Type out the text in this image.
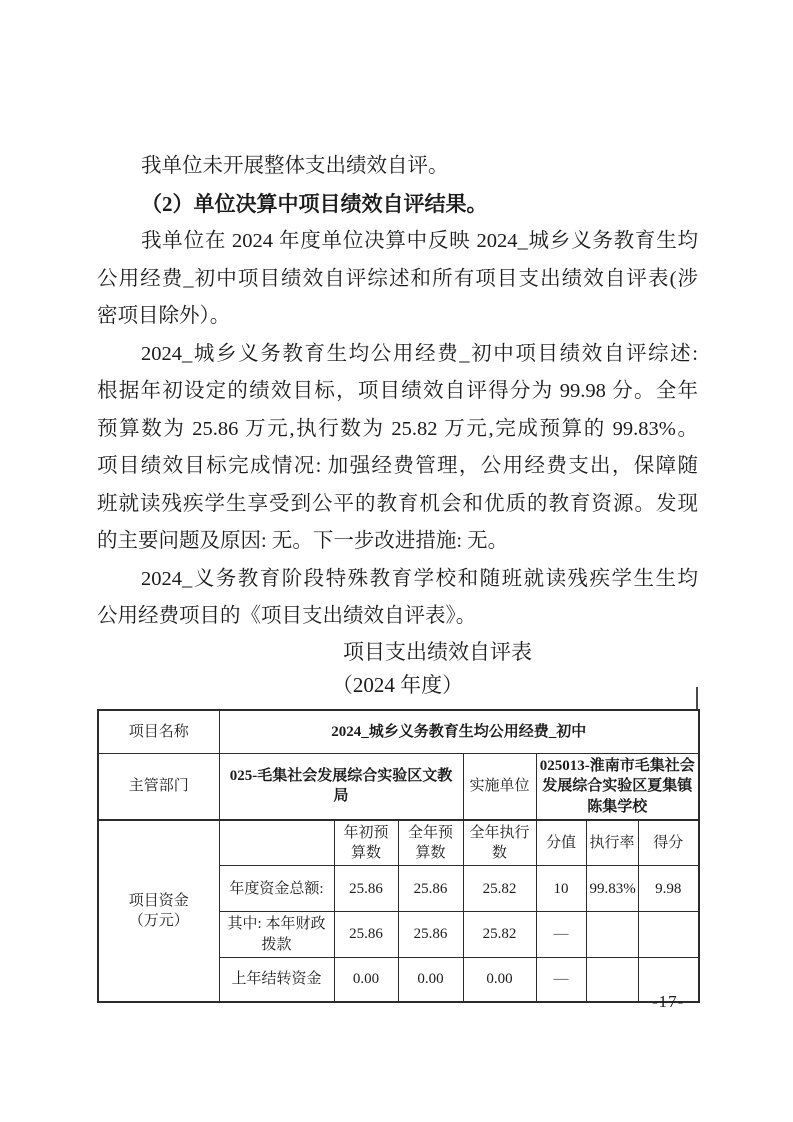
我单位未开展整体支出绩效自评。
（2）单位决算中项目绩效自评结果。
我单位在 2024 年度单位决算中反映 2024_城乡义务教育生均
公用经费_初中项目绩效自评综述和所有项目支出绩效自评表(涉
密项目除外）。
2024_城乡义务教育生均公用经费_初中项目绩效自评综述:
根据年初设定的绩效目标，项目绩效自评得分为 99.98 分。全年
预算数为 25.86 万元,执行数为 25.82 万元,完成预算的 99.83%。
项目绩效目标完成情况: 加强经费管理，公用经费支出，保障随
班就读残疾学生享受到公平的教育机会和优质的教育资源。发现
的主要问题及原因: 无。下一步改进措施: 无。
2024_义务教育阶段特殊教育学校和随班就读残疾学生生均
公用经费项目的《项目支出绩效自评表》。
项目支出绩效自评表
（2024 年度）
项目名称	2024_城乡义务教育生均公用经费_初中						
主管部门	025-毛集社会发展综合实验区文教局			实施单位	025013-淮南市毛集社会发展综合实验区夏集镇陈集学校		

项目资金
（万元）		年初预算数	全年预算数	全年执行数	分值	执行率	得分
	年度资金总额:	25.86	25.86	25.82	10	99.83%	9.98
	其中: 本年财政拨款	25.86	25.86	25.82	—		
	上年结转资金	0.00	0.00	0.00	—		
-17-
